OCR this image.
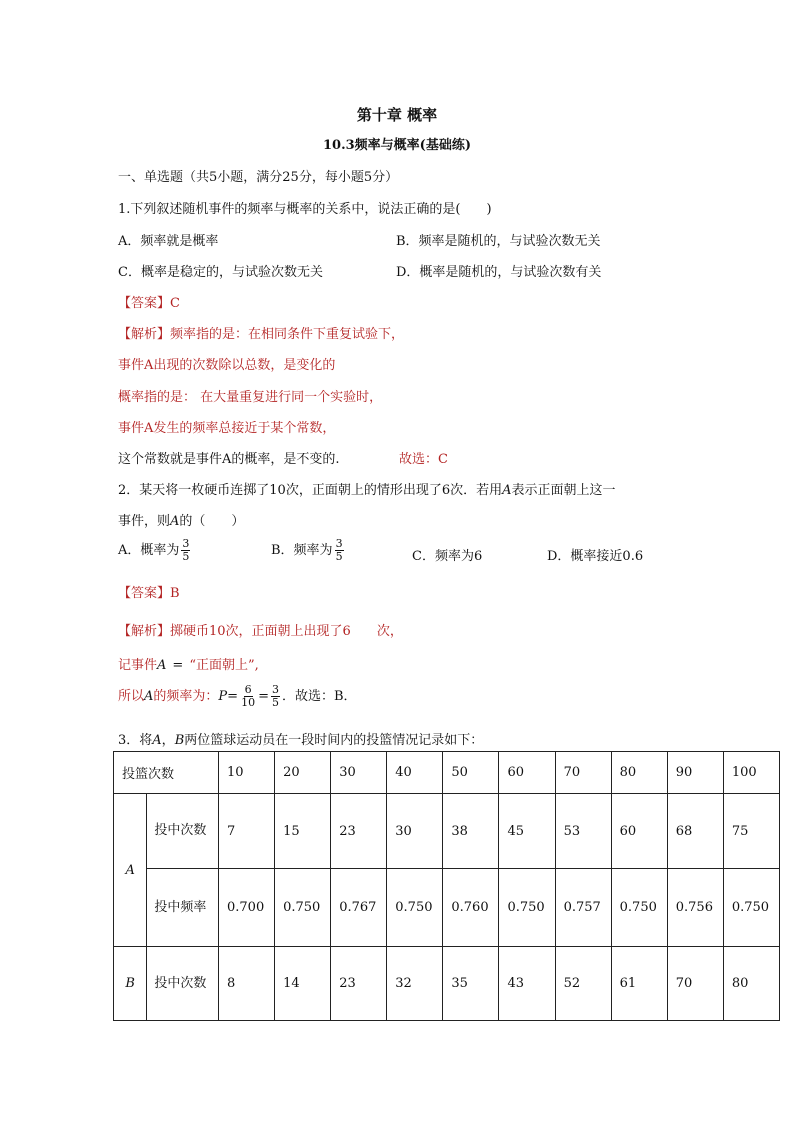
第十章 概率
10.3频率与概率(基础练)
一、单选题（共5小题，满分25分，每小题5分）
1.下列叙述随机事件的频率与概率的关系中，说法正确的是(　　)
A．频率就是概率	B．频率是随机的，与试验次数无关
C．概率是稳定的，与试验次数无关	D．概率是随机的，与试验次数有关
【答案】C
【解析】频率指的是：在相同条件下重复试验下，
事件A出现的次数除以总数，是变化的
概率指的是： 在大量重复进行同一个实验时，
事件A发生的频率总接近于某个常数，
这个常数就是事件A的概率，是不变的.	故选：C
2．某天将一枚硬币连掷了10次，正面朝上的情形出现了6次．若用A表示正面朝上这一
事件，则A的（　　）
A．概率为 $\frac{3}{5}$	B．频率为 $\frac{3}{5}$	C．频率为6	D．概率接近0.6
【答案】B
【解析】掷硬币10次，正面朝上出现了6　　次，
记事件A = “正面朝上”,
所以A的频率为：$P= \frac{6}{10} = \frac{3}{5}$ ．故选：B．
3．将A，B两位篮球运动员在一段时间内的投篮情况记录如下：
投篮次数		10	20	30	40	50	60	70	80	90	100
A	投中次数	7	15	23	30	38	45	53	60	68	75
	投中频率	0.700	0.750	0.767	0.750	0.760	0.750	0.757	0.750	0.756	0.750
B	投中次数	8	14	23	32	35	43	52	61	70	80
